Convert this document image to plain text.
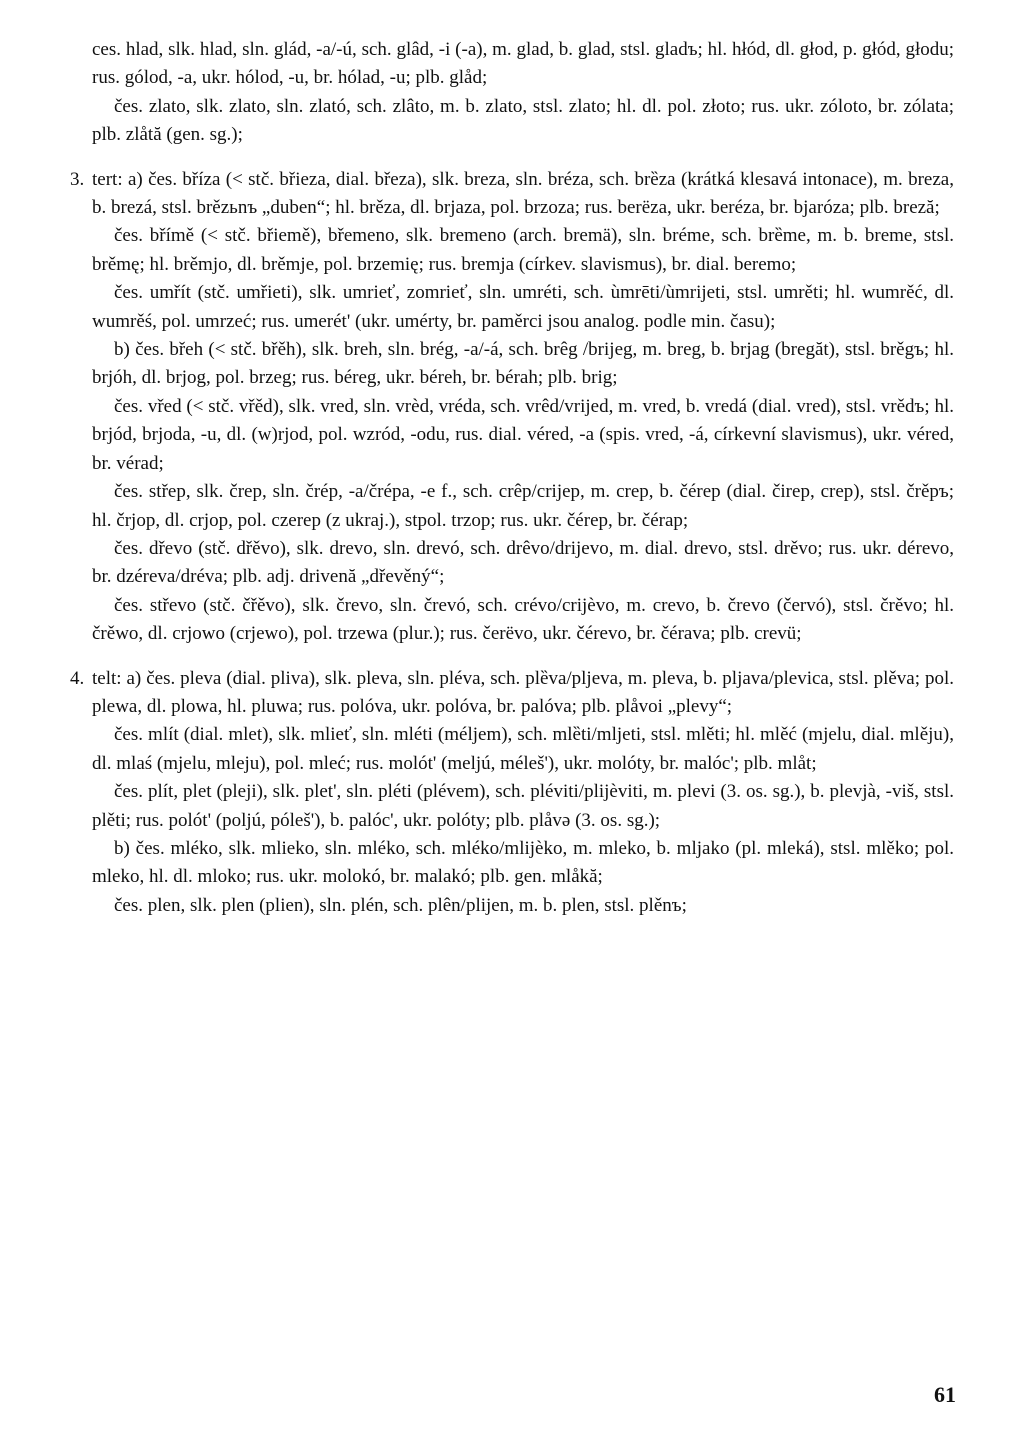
ces. hlad, slk. hlad, sln. glád, -a/-ú, sch. glâd, -i (-a), m. glad, b. glad, stsl. gladъ; hl. hłód, dl. głod, p. głód, głodu; rus. gólod, -a, ukr. hólod, -u, br. hólad, -u; plb. glåd;

čes. zlato, slk. zlato, sln. zlató, sch. zlâto, m. b. zlato, stsl. zlato; hl. dl. pol. złoto; rus. ukr. zóloto, br. zólata; plb. zlåtă (gen. sg.);

3. tert: a) čes. bříza (< stč. břieza, dial. březa), slk. breza, sln. bréza, sch. brȅza (krátká klesavá intonace), m. breza, b. brezá, stsl. brězьnъ „duben“; hl. brěza, dl. brjaza, pol. brzoza; rus. berëza, ukr. beréza, br. bjaróza; plb. breză;

čes. břímě (< stč. břiemě), břemeno, slk. bremeno (arch. bremä), sln. bréme, sch. brȅme, m. b. breme, stsl. brěmę; hl. brěmjo, dl. brěmje, pol. brzemię; rus. bremja (církev. slavismus), br. dial. beremo;

čes. umřít (stč. umřieti), slk. umrieť, zomrieť, sln. umréti, sch. ùmrēti/ùmrijeti, stsl. umrěti; hl. wumrěć, dl. wumrěś, pol. umrzeć; rus. umerét' (ukr. umérty, br. paměrci jsou analog. podle min. času);

b) čes. břeh (< stč. břěh), slk. breh, sln. brég, -a/-á, sch. brêg /brijeg, m. breg, b. brjag (bregăt), stsl. brěgъ; hl. brjóh, dl. brjog, pol. brzeg; rus. béreg, ukr. béreh, br. bérah; plb. brig;

čes. vřed (< stč. vřěd), slk. vred, sln. vrèd, vréda, sch. vrêd/vrijed, m. vred, b. vredá (dial. vred), stsl. vrědъ; hl. brjód, brjoda, -u, dl. (w)rjod, pol. wzród, -odu, rus. dial. véred, -a (spis. vred, -á, církevní slavismus), ukr. véred, br. vérad;

čes. střep, slk. črep, sln. črép, -a/črépa, -e f., sch. crêp/crijep, m. crep, b. čérep (dial. čirep, crep), stsl. črěpъ; hl. črjop, dl. crjop, pol. czerep (z ukraj.), stpol. trzop; rus. ukr. čérep, br. čérap;

čes. dřevo (stč. dřěvo), slk. drevo, sln. drevó, sch. drêvo/drijevo, m. dial. drevo, stsl. drěvo; rus. ukr. dérevo, br. dzéreva/dréva; plb. adj. drivenă „dřevěný“;

čes. střevo (stč. čřěvo), slk. črevo, sln. črevó, sch. crévo/crijèvo, m. crevo, b. črevo (červó), stsl. črěvo; hl. črěwo, dl. crjowo (crjewo), pol. trzewa (plur.); rus. čerëvo, ukr. čérevo, br. čérava; plb. crevü;

4. telt: a) čes. pleva (dial. pliva), slk. pleva, sln. pléva, sch. plȅva/pljeva, m. pleva, b. pljava/plevica, stsl. plěva; pol. plewa, dl. plowa, hl. pluwa; rus. polóva, ukr. polóva, br. palóva; plb. plåvoi „plevy“;

čes. mlít (dial. mlet), slk. mlieť, sln. mléti (méljem), sch. mlȅti/mljeti, stsl. mlěti; hl. mlěć (mjelu, dial. mlěju), dl. mlaś (mjelu, mleju), pol. mleć; rus. molót' (meljú, méleš'), ukr. molóty, br. malóc'; plb. mlåt;

čes. plít, plet (pleji), slk. plet', sln. pléti (plévem), sch. pléviti/plijèviti, m. plevi (3. os. sg.), b. plevjà, -viš, stsl. plěti; rus. polót' (poljú, póleš'), b. palóc', ukr. polóty; plb. plåvə (3. os. sg.);

b) čes. mléko, slk. mlieko, sln. mléko, sch. mléko/mlijèko, m. mleko, b. mljako (pl. mleká), stsl. mlěko; pol. mleko, hl. dl. mloko; rus. ukr. molokó, br. malakó; plb. gen. mlåkă;

čes. plen, slk. plen (plien), sln. plén, sch. plên/plijen, m. b. plen, stsl. plěnъ;

61
